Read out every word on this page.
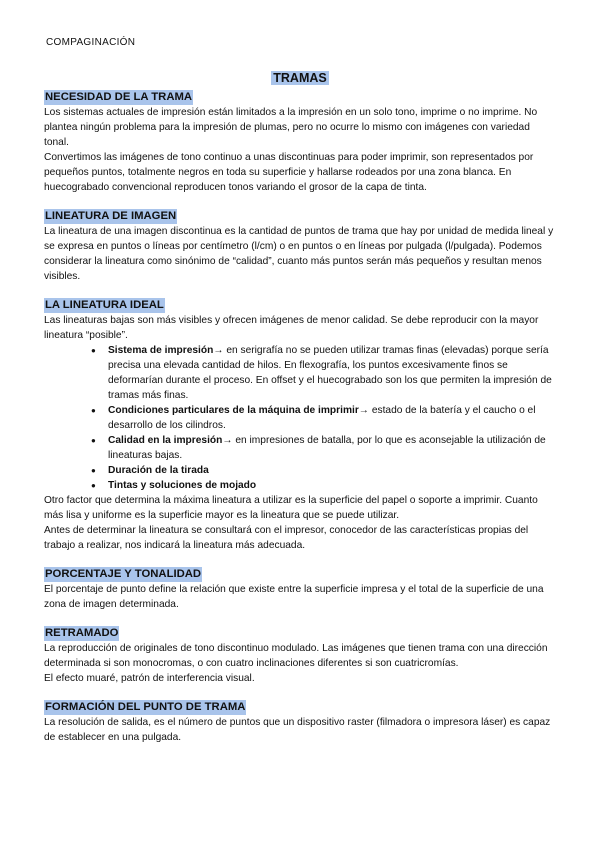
COMPAGINACIÓN
TRAMAS
NECESIDAD DE LA TRAMA

Los sistemas actuales de impresión están limitados a la impresión en un solo tono, imprime o no imprime. No plantea ningún problema para la impresión de plumas, pero no ocurre lo mismo con imágenes con variedad tonal.

Convertimos las imágenes de tono continuo a unas discontinuas para poder imprimir, son representados por pequeños puntos, totalmente negros en toda su superficie y hallarse rodeados por una zona blanca. En huecograbado convencional reproducen tonos variando el grosor de la capa de tinta.

LINEATURA DE IMAGEN

La lineatura de una imagen discontinua es la cantidad de puntos de trama que hay por unidad de medida lineal y se expresa en puntos o líneas por centímetro (l/cm) o en puntos o en líneas por pulgada (l/pulgada). Podemos considerar la lineatura como sinónimo de “calidad”, cuanto más puntos serán más pequeños y resultan menos visibles.

LA LINEATURA IDEAL

Las lineaturas bajas son más visibles y ofrecen imágenes de menor calidad. Se debe reproducir con la mayor lineatura “posible”.

● Sistema de impresión→ en serigrafía no se pueden utilizar tramas finas (elevadas) porque sería precisa una elevada cantidad de hilos. En flexografía, los puntos excesivamente finos se deformarían durante el proceso. En offset y el huecograbado son los que permiten la impresión de tramas más finas.
● Condiciones particulares de la máquina de imprimir→ estado de la batería y el caucho o el desarrollo de los cilindros.
● Calidad en la impresión→ en impresiones de batalla, por lo que es aconsejable la utilización de lineaturas bajas.
● Duración de la tirada
● Tintas y soluciones de mojado

Otro factor que determina la máxima lineatura a utilizar es la superficie del papel o soporte a imprimir. Cuanto más lisa y uniforme es la superficie mayor es la lineatura que se puede utilizar.

Antes de determinar la lineatura se consultará con el impresor, conocedor de las características propias del trabajo a realizar, nos indicará la lineatura más adecuada.

PORCENTAJE Y TONALIDAD

El porcentaje de punto define la relación que existe entre la superficie impresa y el total de la superficie de una zona de imagen determinada.

RETRAMADO

La reproducción de originales de tono discontinuo modulado. Las imágenes que tienen trama con una dirección determinada si son monocromas, o con cuatro inclinaciones diferentes si son cuatricromías.

El efecto muaré, patrón de interferencia visual.

FORMACIÓN DEL PUNTO DE TRAMA

La resolución de salida, es el número de puntos que un dispositivo raster (filmadora o impresora láser) es capaz de establecer en una pulgada.
